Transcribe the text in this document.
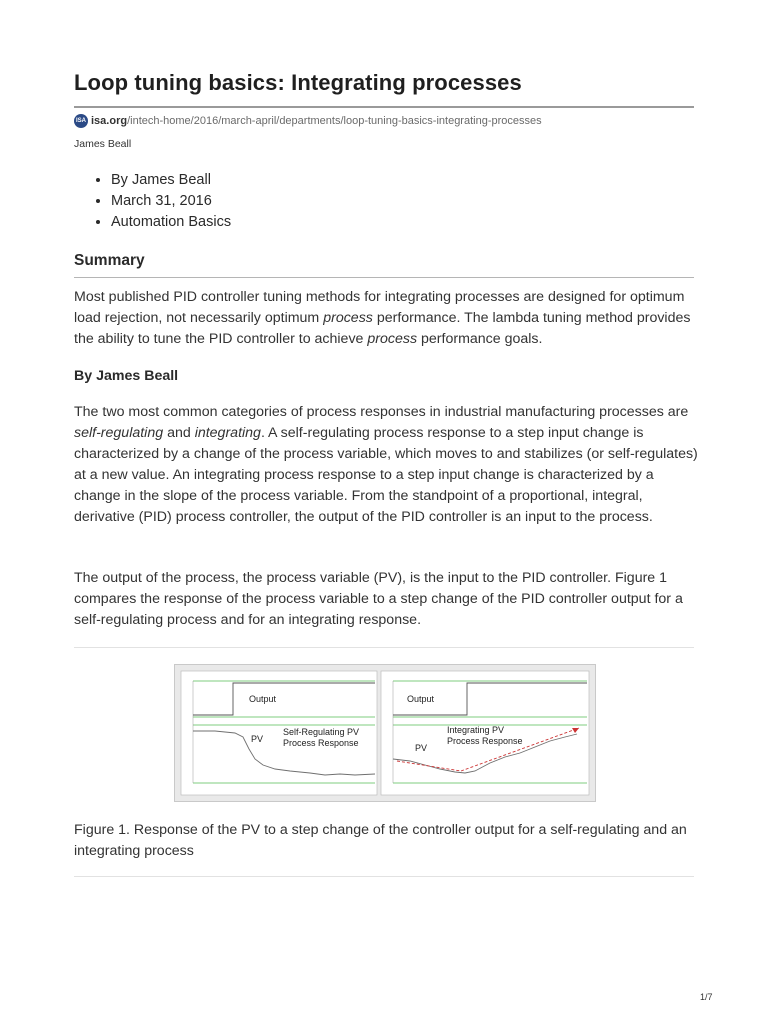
Loop tuning basics: Integrating processes
ISA isa.org /intech-home/2016/march-april/departments/loop-tuning-basics-integrating-processes
James Beall
• By James Beall
• March 31, 2016
• Automation Basics
Summary

Most published PID controller tuning methods for integrating processes are designed for optimum load rejection, not necessarily optimum process performance. The lambda tuning method provides the ability to tune the PID controller to achieve process performance goals.

By James Beall

The two most common categories of process responses in industrial manufacturing processes are self-regulating and integrating. A self-regulating process response to a step input change is characterized by a change of the process variable, which moves to and stabilizes (or self-regulates) at a new value. An integrating process response to a step input change is characterized by a change in the slope of the process variable. From the standpoint of a proportional, integral, derivative (PID) process controller, the output of the PID controller is an input to the process.

The output of the process, the process variable (PV), is the input to the PID controller. Figure 1 compares the response of the process variable to a step change of the PID controller output for a self-regulating process and for an integrating response.

Output
PV
Self-Regulating PV
Process Response
Output
PV
Integrating PV
Process Response

Figure 1. Response of the PV to a step change of the controller output for a self-regulating and an integrating process

1/7
